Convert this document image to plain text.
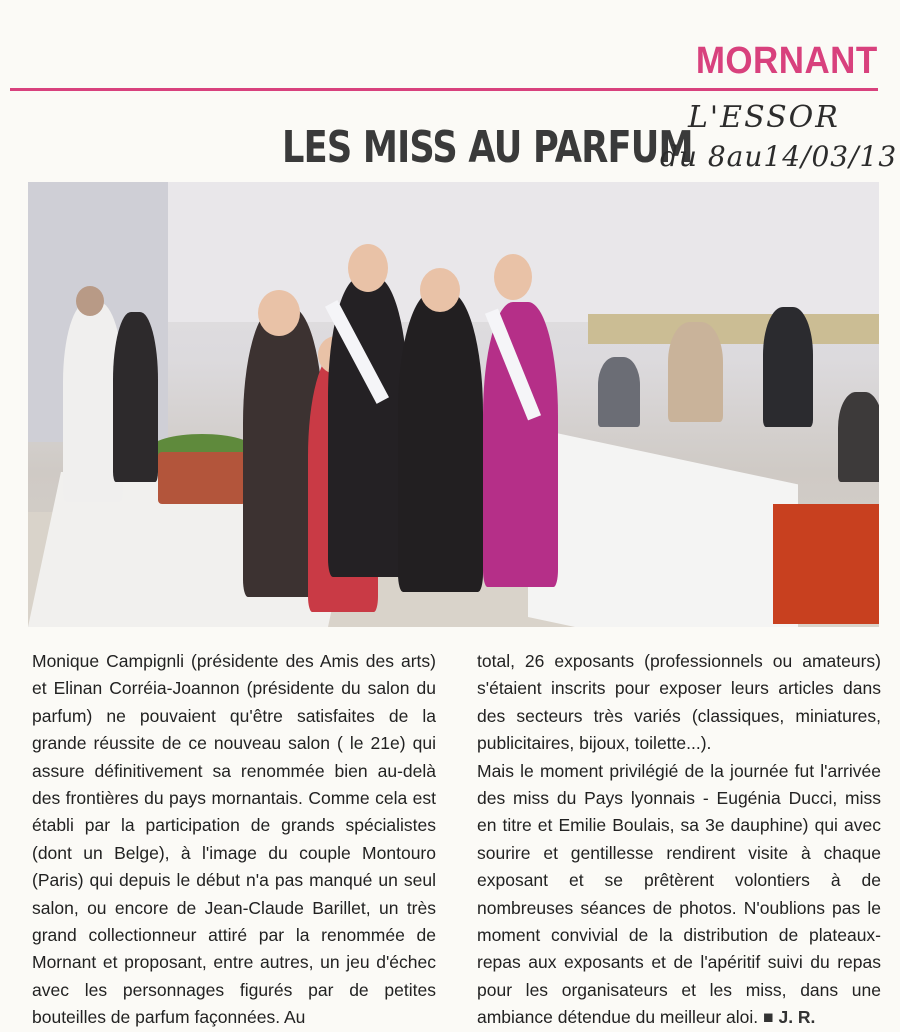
MORNANT
LES MISS AU PARFUM
L'ESSOR
du 8au14/03/13

Monique Campignli (présidente des Amis des arts) et Elinan Corréia-Joannon (présidente du salon du parfum) ne pouvaient qu'être satisfaites de la grande réussite de ce nouveau salon ( le 21e) qui assure définitivement sa renommée bien au-delà des frontières du pays mornantais. Comme cela est établi par la participation de grands spécialistes (dont un Belge), à l'image du couple Montouro (Paris) qui depuis le début n'a pas manqué un seul salon, ou encore de Jean-Claude Barillet, un très grand collectionneur attiré par la renommée de Mornant et proposant, entre autres, un jeu d'échec avec les personnages figurés par de petites bouteilles de parfum façonnées. Au

total, 26 exposants (professionnels ou amateurs) s'étaient inscrits pour exposer leurs articles dans des secteurs très variés (classiques, miniatures, publicitaires, bijoux, toilette...).

Mais le moment privilégié de la journée fut l'arrivée des miss du Pays lyonnais - Eugénia Ducci, miss en titre et Emilie Boulais, sa 3e dauphine) qui avec sourire et gentillesse rendirent visite à chaque exposant et se prêtèrent volontiers à de nombreuses séances de photos. N'oublions pas le moment convivial de la distribution de plateaux-repas aux exposants et de l'apéritif suivi du repas pour les organisateurs et les miss, dans une ambiance détendue du meilleur aloi. ■ J. R.
